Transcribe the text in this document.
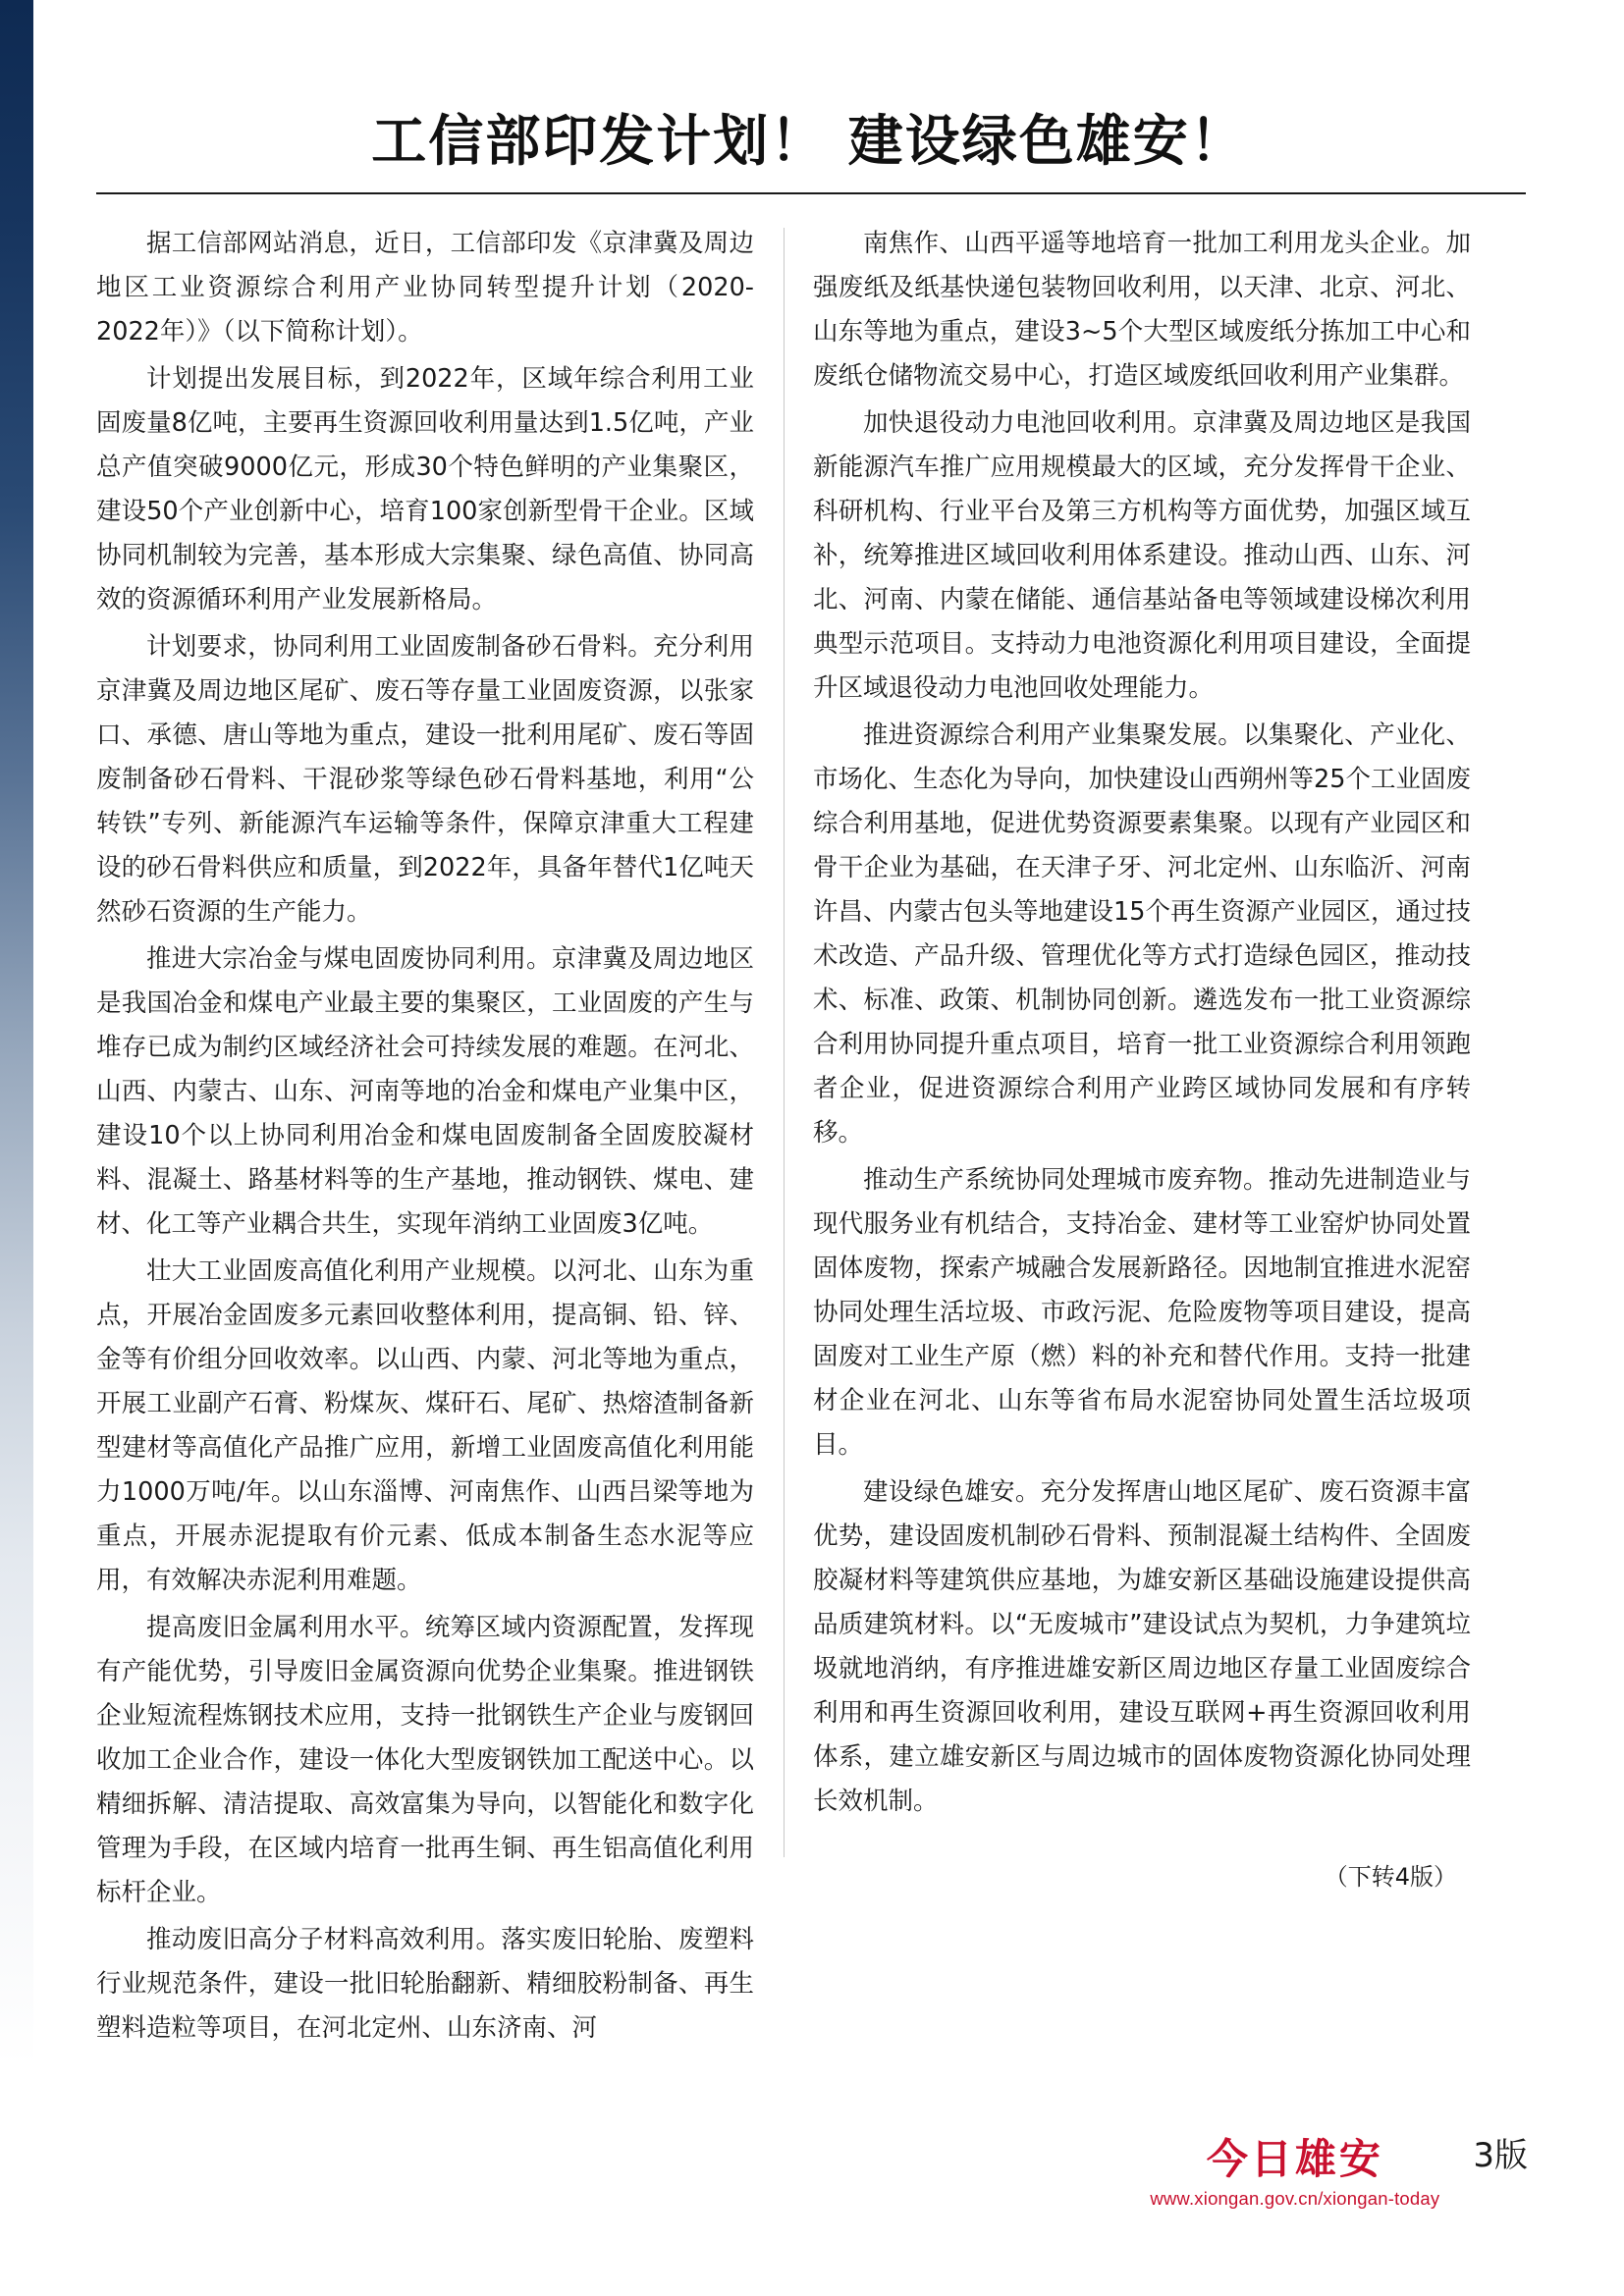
工信部印发计划！ 建设绿色雄安！

据工信部网站消息，近日，工信部印发《京津冀及周边地区工业资源综合利用产业协同转型提升计划（2020-2022年）》（以下简称计划）。

计划提出发展目标，到2022年，区域年综合利用工业固废量8亿吨，主要再生资源回收利用量达到1.5亿吨，产业总产值突破9000亿元，形成30个特色鲜明的产业集聚区，建设50个产业创新中心，培育100家创新型骨干企业。区域协同机制较为完善，基本形成大宗集聚、绿色高值、协同高效的资源循环利用产业发展新格局。

计划要求，协同利用工业固废制备砂石骨料。充分利用京津冀及周边地区尾矿、废石等存量工业固废资源，以张家口、承德、唐山等地为重点，建设一批利用尾矿、废石等固废制备砂石骨料、干混砂浆等绿色砂石骨料基地，利用“公转铁”专列、新能源汽车运输等条件，保障京津重大工程建设的砂石骨料供应和质量，到2022年，具备年替代1亿吨天然砂石资源的生产能力。

推进大宗冶金与煤电固废协同利用。京津冀及周边地区是我国冶金和煤电产业最主要的集聚区，工业固废的产生与堆存已成为制约区域经济社会可持续发展的难题。在河北、山西、内蒙古、山东、河南等地的冶金和煤电产业集中区，建设10个以上协同利用冶金和煤电固废制备全固废胶凝材料、混凝土、路基材料等的生产基地，推动钢铁、煤电、建材、化工等产业耦合共生，实现年消纳工业固废3亿吨。

壮大工业固废高值化利用产业规模。以河北、山东为重点，开展冶金固废多元素回收整体利用，提高铜、铅、锌、金等有价组分回收效率。以山西、内蒙、河北等地为重点，开展工业副产石膏、粉煤灰、煤矸石、尾矿、热熔渣制备新型建材等高值化产品推广应用，新增工业固废高值化利用能力1000万吨/年。以山东淄博、河南焦作、山西吕梁等地为重点，开展赤泥提取有价元素、低成本制备生态水泥等应用，有效解决赤泥利用难题。

提高废旧金属利用水平。统筹区域内资源配置，发挥现有产能优势，引导废旧金属资源向优势企业集聚。推进钢铁企业短流程炼钢技术应用，支持一批钢铁生产企业与废钢回收加工企业合作，建设一体化大型废钢铁加工配送中心。以精细拆解、清洁提取、高效富集为导向，以智能化和数字化管理为手段，在区域内培育一批再生铜、再生铝高值化利用标杆企业。

推动废旧高分子材料高效利用。落实废旧轮胎、废塑料行业规范条件，建设一批旧轮胎翻新、精细胶粉制备、再生塑料造粒等项目，在河北定州、山东济南、河

南焦作、山西平遥等地培育一批加工利用龙头企业。加强废纸及纸基快递包装物回收利用，以天津、北京、河北、山东等地为重点，建设3~5个大型区域废纸分拣加工中心和废纸仓储物流交易中心，打造区域废纸回收利用产业集群。

加快退役动力电池回收利用。京津冀及周边地区是我国新能源汽车推广应用规模最大的区域，充分发挥骨干企业、科研机构、行业平台及第三方机构等方面优势，加强区域互补，统筹推进区域回收利用体系建设。推动山西、山东、河北、河南、内蒙在储能、通信基站备电等领域建设梯次利用典型示范项目。支持动力电池资源化利用项目建设，全面提升区域退役动力电池回收处理能力。

推进资源综合利用产业集聚发展。以集聚化、产业化、市场化、生态化为导向，加快建设山西朔州等25个工业固废综合利用基地，促进优势资源要素集聚。以现有产业园区和骨干企业为基础，在天津子牙、河北定州、山东临沂、河南许昌、内蒙古包头等地建设15个再生资源产业园区，通过技术改造、产品升级、管理优化等方式打造绿色园区，推动技术、标准、政策、机制协同创新。遴选发布一批工业资源综合利用协同提升重点项目，培育一批工业资源综合利用领跑者企业，促进资源综合利用产业跨区域协同发展和有序转移。

推动生产系统协同处理城市废弃物。推动先进制造业与现代服务业有机结合，支持冶金、建材等工业窑炉协同处置固体废物，探索产城融合发展新路径。因地制宜推进水泥窑协同处理生活垃圾、市政污泥、危险废物等项目建设，提高固废对工业生产原（燃）料的补充和替代作用。支持一批建材企业在河北、山东等省布局水泥窑协同处置生活垃圾项目。

建设绿色雄安。充分发挥唐山地区尾矿、废石资源丰富优势，建设固废机制砂石骨料、预制混凝土结构件、全固废胶凝材料等建筑供应基地，为雄安新区基础设施建设提供高品质建筑材料。以“无废城市”建设试点为契机，力争建筑垃圾就地消纳，有序推进雄安新区周边地区存量工业固废综合利用和再生资源回收利用，建设互联网+再生资源回收利用体系，建立雄安新区与周边城市的固体废物资源化协同处理长效机制。

（下转4版）
今日雄安
www.xiongan.gov.cn/xiongan-today
3版
